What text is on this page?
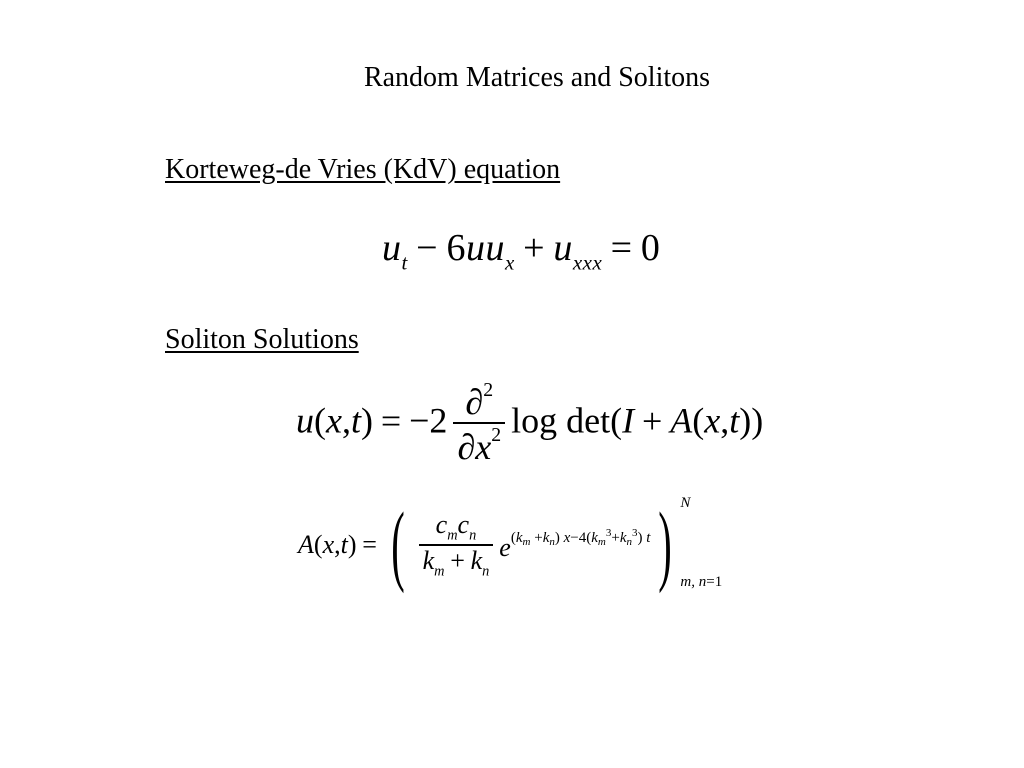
Random Matrices and Solitons
Korteweg-de Vries (KdV) equation
$u_t - 6uu_x + u_{xxx} = 0$
Soliton Solutions
$u(x,t) = -2 \frac{\partial^2}{\partial x^2}$ log det(I + A(x,t))
A(x,t) = ( $\frac{c_mc_n}{k_m + k_n} e^{(k_m +k_n) x-4(k_m^3+k_n^3) t}$ ) N
m, n=1
